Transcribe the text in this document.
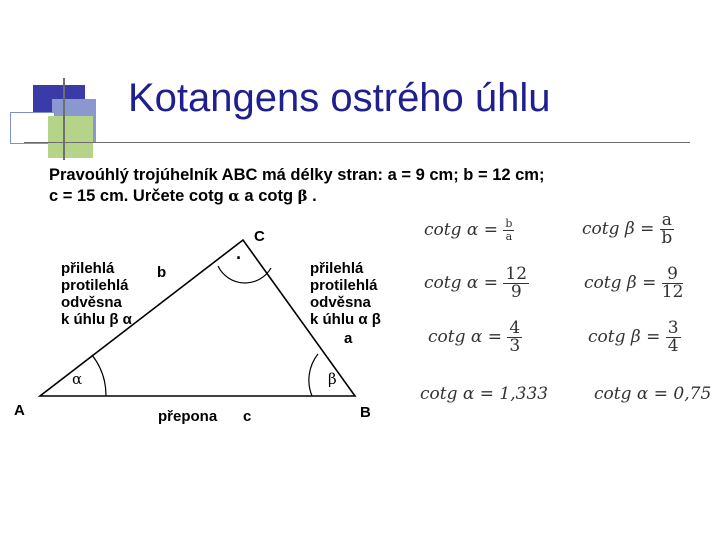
Kotangens ostrého úhlu
Pravoúhlý trojúhelník ABC má délky stran: a = 9 cm; b = 12 cm;
c = 15 cm. Určete cotg α a cotg β .
·
C
A	B
b
a
přepona c
α	β
přilehlá protilehlá
odvěsna
k úhlu β α
přilehlá protilehlá
odvěsna
k úhlu α β
cotg $\alpha = \frac{b}{a}$
cotg $\alpha = \frac{12}{9}$
cotg $\alpha = \frac{4}{3}$
cotg α = 1,333
cotg $\beta = \frac{a}{b}$
cotg $\beta = \frac{9}{12}$
cotg $\beta = \frac{3}{4}$
cotg α = 0,75
